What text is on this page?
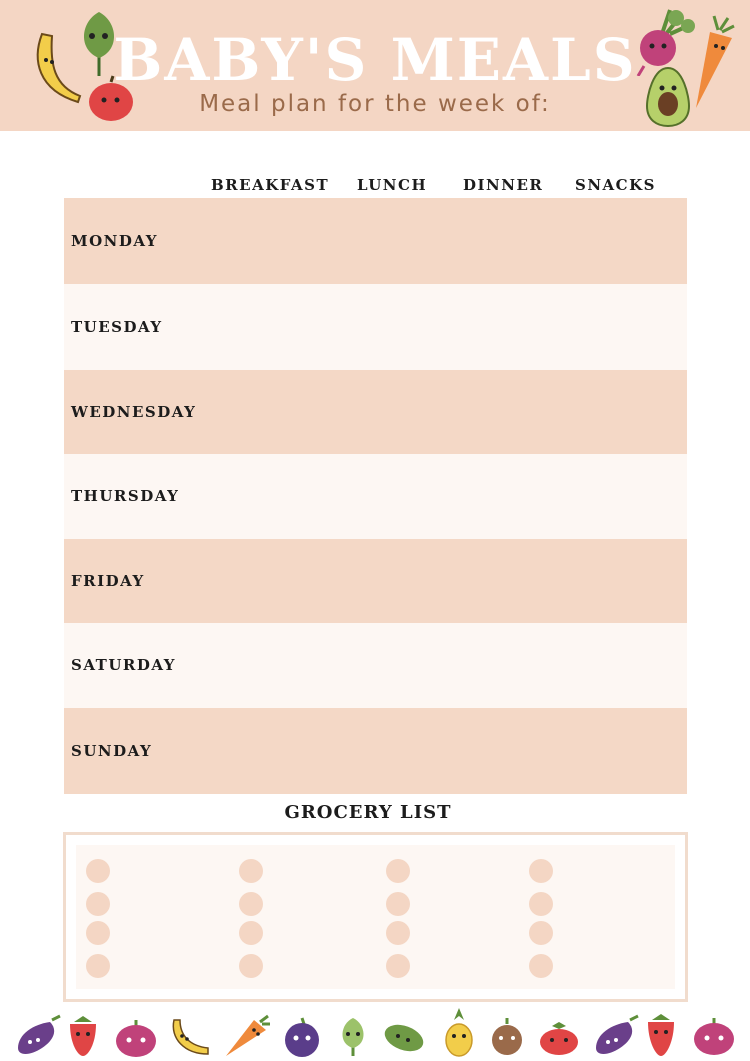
BABY'S MEALS
Meal plan for the week of:
BREAKFAST LUNCH DINNER SNACKS
MONDAY
TUESDAY
WEDNESDAY
THURSDAY
FRIDAY
SATURDAY
SUNDAY
GROCERY LIST
